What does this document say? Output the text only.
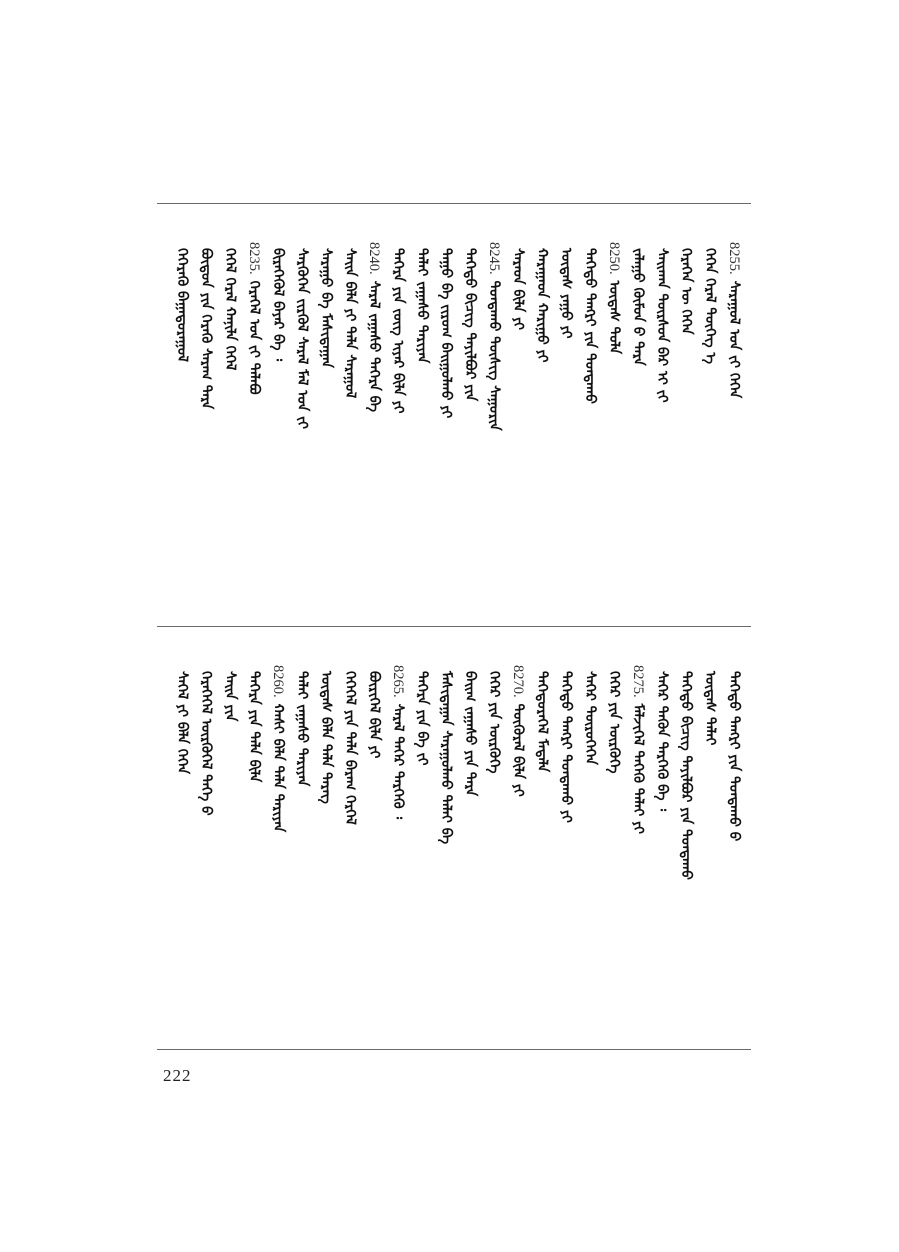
8255.ᠰᠠᠷᠠᠭᠤᠯ ᠤᠨ ᠵᠢ ᠭᠡᠭᠡᠨ
ᠭᠡᠭᠡᠨ ᠭᠡᠷᠡᠯ ᠲᠦᠭᠡᠭ ᠡ
ᠭᠡᠷᠡᠭᠡᠨ ᠦ ᠭᠡᠭᠡᠨ
ᠰᠠᠢᠬᠠᠨ ᠳᠦᠷᠰᠦᠨ ᠪᠠᠷ ᠢ ᠵᠢ
ᠵᠠᠯᠠᠭᠤ ᠬᠦᠮᠦᠨ ᠪ ᠲᠡᠷᠡ
8250.ᠦᠳᠡᠰ ᠲᠤᠯᠠ
ᠳᠡᠭᠡᠳᠦ ᠲᠡᠩᠷᠢ ᠶᠢᠨ ᠳᠤᠨᠳᠠᠬᠤ
ᠦᠳᠡᠰ ᠶᠠᠭᠤ ᠶᠢ
ᠬᠠᠷᠠᠭᠠᠳ ᠬᠠᠷᠢᠭᠤ ᠶᠢ
ᠰᠠᠷᠠᠳ ᠪᠢᠯᠡ ᠶᠢ
8245.ᠳᠤᠨᠳᠠᠬᠤ ᠲᠦᠰᠢᠭ ᠰᠠᠭᠤᠷᠢᠨ
ᠳᠡᠭᠡᠳᠦ ᠪᠢᠴᠢᠭ ᠲᠠᠶᠢᠯᠪᠤᠷ ᠶᠢᠨ
ᠳᠠᠭᠤ ᠪᠠ ᠵᠢᠷᠤᠭ ᠪᠠᠢᠭᠤᠯᠬᠤ ᠶᠢ
ᠳᠠᠯᠠᠢ ᠵᠠᠭᠠᠰᠤ ᠲᠠᠷᠢᠶᠠᠨ
ᠳᠡᠭᠡᠷᠡ ᠶᠢᠨ ᠵᠦᠭ ᠢᠶᠡᠷ ᠪᠢᠯᠡ ᠶᠢ
8240.ᠰᠠᠷᠠᠯ ᠵᠠᠭᠠᠰᠤ ᠳᠡᠭᠡᠷᠡ ᠪᠠ
ᠰᠠᠢᠨ ᠪᠠᠯᠠ ᠶᠢ ᠲᠠᠯᠠ ᠰᠠᠷᠠᠭᠤᠯ
ᠰᠠᠷᠠᠭᠤ ᠪᠠ ᠮᠠᠰᠢᠳᠠᠭᠠᠨ
ᠰᠡᠷᠭᠦᠭᠡᠨ ᠵᠢᠷᠬᠦᠯ ᠰᠠᠷᠠᠯ ᠮᠠᠯ ᠤᠨ ᠵᠢ
ᠪᠢᠷᠡᠭᠡᠭᠦᠯ ᠪᠠᠶᠠᠷ ᠪᠠ ᠄
8235.ᠬᠡᠷᠡᠭᠡᠯ ᠤᠨ ᠵᠢ ᠲᠠᠯᠠᠪᠤ
ᠬᠡᠭᠡᠯ ᠭᠡᠷᠡᠯ ᠬᠠᠨᠢᠯᠠ ᠬᠡᠭᠡᠯ
ᠪᠦᠳᠦᠨ ᠶᠢᠨ ᠬᠡᠷᠡᠭᠦ ᠰᠠᠷᠠᠭ ᠲᠡᠷᠡ
ᠬᠡᠭᠡᠷᠡᠬᠦ ᠪᠠᠭᠠᠳᠤᠷᠠᠭᠤᠯ
ᠳᠡᠭᠡᠳᠦ ᠲᠡᠩᠷᠢ ᠶᠢᠨ ᠳᠤᠨᠳᠠᠬᠤ ᠪ
ᠦᠳᠡᠰ ᠳᠠᠯᠠᠢ
ᠳᠡᠭᠡᠳᠦ ᠪᠢᠴᠢᠭ ᠲᠠᠶᠢᠯᠪᠤᠷ ᠶᠢᠨ ᠳᠤᠨᠳᠠᠬᠤ
ᠰᠡᠭᠡᠷ ᠲᠡᠭᠦᠨ ᠲᠡᠷᠭᠡᠭᠦ ᠪᠠ ᠄
8275.ᠮᠡᠯᠵᠢᠭᠡᠯ ᠲᠡᠭᠡᠭᠦ ᠳᠠᠯᠠᠢ ᠶᠢ
ᠬᠡᠭᠡᠷ ᠶᠢᠨ ᠦᠷᠭᠦᠭᠡ
ᠰᠡᠭᠡᠷ ᠲᠦᠷᠦᠭᠡᠭᠡᠨ
ᠳᠡᠭᠡᠳᠦ ᠲᠡᠩᠷᠢ ᠳᠤᠨᠳᠠᠬᠤ ᠶᠢ
ᠳᠡᠭᠡᠳᠦᠷᠡᠭᠡᠯ ᠮᠡᠳᠡᠯᠡ
8270.ᠳᠦᠭᠦᠷᠡᠯ ᠪᠢᠯᠡ ᠶᠢ
ᠬᠡᠭᠡᠷ ᠶᠢᠨ ᠦᠷᠭᠦᠭᠡ
ᠪᠠᠢᠭ ᠵᠠᠭᠠᠰᠤ ᠶᠢᠨ ᠲᠡᠷᠡ
ᠮᠠᠰᠢᠳᠠᠭᠠᠨ ᠰᠠᠷᠠᠭᠤᠯᠬᠤ ᠳᠠᠯᠠᠢ ᠪᠠ
ᠳᠡᠭᠡᠷᠡ ᠶᠢᠨ ᠪᠠ ᠵᠢ
8265.ᠰᠠᠷᠠᠯ ᠲᠡᠭᠡᠷ ᠲᠡᠷᠭᠡᠭᠦ ᠄
ᠪᠦᠷᠢᠭᠡᠯ ᠪᠢᠯᠡ ᠶᠢ
ᠭᠡᠭᠡᠭᠡᠯ ᠶᠢᠨ ᠲᠠᠯᠠ ᠪᠠᠷᠠᠭ ᠭᠡᠷᠭᠡᠯ
ᠦᠳᠡᠰ ᠪᠠᠯᠠ ᠲᠠᠯᠠ ᠲᠡᠷᠡᠭ
ᠳᠠᠯᠠᠢ ᠵᠠᠭᠠᠰᠤ ᠲᠠᠷᠢᠶᠠᠨ
8260.ᠬᠠᠰᠢ ᠪᠠᠯᠠ ᠲᠠᠯᠠ ᠲᠠᠷᠢᠶᠠᠨ
ᠳᠡᠭᠡᠷᠡ ᠶᠢᠨ ᠲᠠᠯᠠ ᠪᠢᠯᠡ
ᠰᠠᠢᠨ ᠶᠢᠨ
ᠬᠡᠷᠡᠭᠡᠭᠡᠯ ᠦᠷᠭᠦᠭᠡᠯ ᠲᠡᠭᠡ ᠪ
ᠰᠡᠭᠡᠯ ᠶᠢ ᠪᠠᠯᠠ ᠭᠡᠭᠡᠨ
222
